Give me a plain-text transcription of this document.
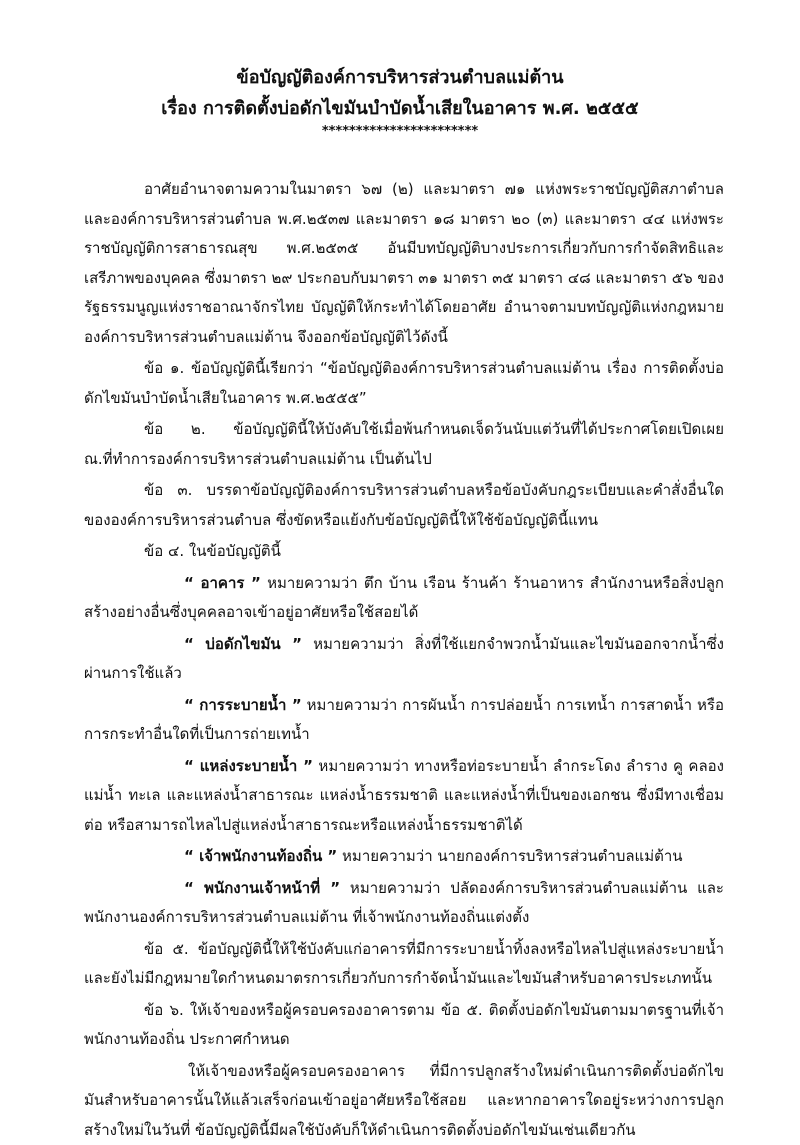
ข้อบัญญัติองค์การบริหารส่วนตำบลแม่ต้าน
เรื่อง การติดตั้งบ่อดักไขมันบำบัดน้ำเสียในอาคาร พ.ศ. ๒๕๕๕
***********************

อาศัยอำนาจตามความในมาตรา ๖๗ (๒) และมาตรา ๗๑ แห่งพระราชบัญญัติสภาตำบลและองค์การบริหารส่วนตำบล พ.ศ.๒๕๓๗ และมาตรา ๑๘ มาตรา ๒๐ (๓) และมาตรา ๔๔ แห่งพระราชบัญญัติการสาธารณสุข พ.ศ.๒๕๓๕ อันมีบทบัญญัติบางประการเกี่ยวกับการกำจัดสิทธิและเสรีภาพของบุคคล ซึ่งมาตรา ๒๙ ประกอบกับมาตรา ๓๑ มาตรา ๓๕ มาตรา ๔๘ และมาตรา ๕๖ ของรัฐธรรมนูญแห่งราชอาณาจักรไทย บัญญัติให้กระทำได้โดยอาศัย อำนาจตามบทบัญญัติแห่งกฎหมาย องค์การบริหารส่วนตำบลแม่ต้าน จึงออกข้อบัญญัติไว้ดังนี้

ข้อ ๑. ข้อบัญญัตินี้เรียกว่า “ข้อบัญญัติองค์การบริหารส่วนตำบลแม่ต้าน เรื่อง การติดตั้งบ่อดักไขมันบำบัดน้ำเสียในอาคาร พ.ศ.๒๕๕๕”

ข้อ ๒. ข้อบัญญัตินี้ให้บังคับใช้เมื่อพ้นกำหนดเจ็ดวันนับแต่วันที่ได้ประกาศโดยเปิดเผย ณ.ที่ทำการองค์การบริหารส่วนตำบลแม่ต้าน เป็นต้นไป

ข้อ ๓. บรรดาข้อบัญญัติองค์การบริหารส่วนตำบลหรือข้อบังคับกฎระเบียบและคำสั่งอื่นใดขององค์การบริหารส่วนตำบล ซึ่งขัดหรือแย้งกับข้อบัญญัตินี้ให้ใช้ข้อบัญญัตินี้แทน

ข้อ ๔. ในข้อบัญญัตินี้

“ อาคาร ” หมายความว่า ตึก บ้าน เรือน ร้านค้า ร้านอาหาร สำนักงานหรือสิ่งปลูกสร้างอย่างอื่นซึ่งบุคคลอาจเข้าอยู่อาศัยหรือใช้สอยได้

“ บ่อดักไขมัน ” หมายความว่า สิ่งที่ใช้แยกจำพวกน้ำมันและไขมันออกจากน้ำซึ่งผ่านการใช้แล้ว

“ การระบายน้ำ ” หมายความว่า การผันน้ำ การปล่อยน้ำ การเทน้ำ การสาดน้ำ หรือการกระทำอื่นใดที่เป็นการถ่ายเทน้ำ

“ แหล่งระบายน้ำ ” หมายความว่า ทางหรือท่อระบายน้ำ ลำกระโดง ลำราง คู คลอง แม่น้ำ ทะเล และแหล่งน้ำสาธารณะ แหล่งน้ำธรรมชาติ และแหล่งน้ำที่เป็นของเอกชน ซึ่งมีทางเชื่อมต่อ หรือสามารถไหลไปสู่แหล่งน้ำสาธารณะหรือแหล่งน้ำธรรมชาติได้

“ เจ้าพนักงานท้องถิ่น ” หมายความว่า นายกองค์การบริหารส่วนตำบลแม่ต้าน

“ พนักงานเจ้าหน้าที่ ” หมายความว่า ปลัดองค์การบริหารส่วนตำบลแม่ต้าน และพนักงานองค์การบริหารส่วนตำบลแม่ต้าน ที่เจ้าพนักงานท้องถิ่นแต่งตั้ง

ข้อ ๕. ข้อบัญญัตินี้ให้ใช้บังคับแก่อาคารที่มีการระบายน้ำทิ้งลงหรือไหลไปสู่แหล่งระบายน้ำและยังไม่มีกฎหมายใดกำหนดมาตรการเกี่ยวกับการกำจัดน้ำมันและไขมันสำหรับอาคารประเภทนั้น

ข้อ ๖. ให้เจ้าของหรือผู้ครอบครองอาคารตาม ข้อ ๕. ติดตั้งบ่อดักไขมันตามมาตรฐานที่เจ้าพนักงานท้องถิ่น ประกาศกำหนด

ให้เจ้าของหรือผู้ครอบครองอาคาร ที่มีการปลูกสร้างใหม่ดำเนินการติดตั้งบ่อดักไขมันสำหรับอาคารนั้นให้แล้วเสร็จก่อนเข้าอยู่อาศัยหรือใช้สอย และหากอาคารใดอยู่ระหว่างการปลูกสร้างใหม่ในวันที่ ข้อบัญญัตินี้มีผลใช้บังคับก็ให้ดำเนินการติดตั้งบ่อดักไขมันเช่นเดียวกัน
